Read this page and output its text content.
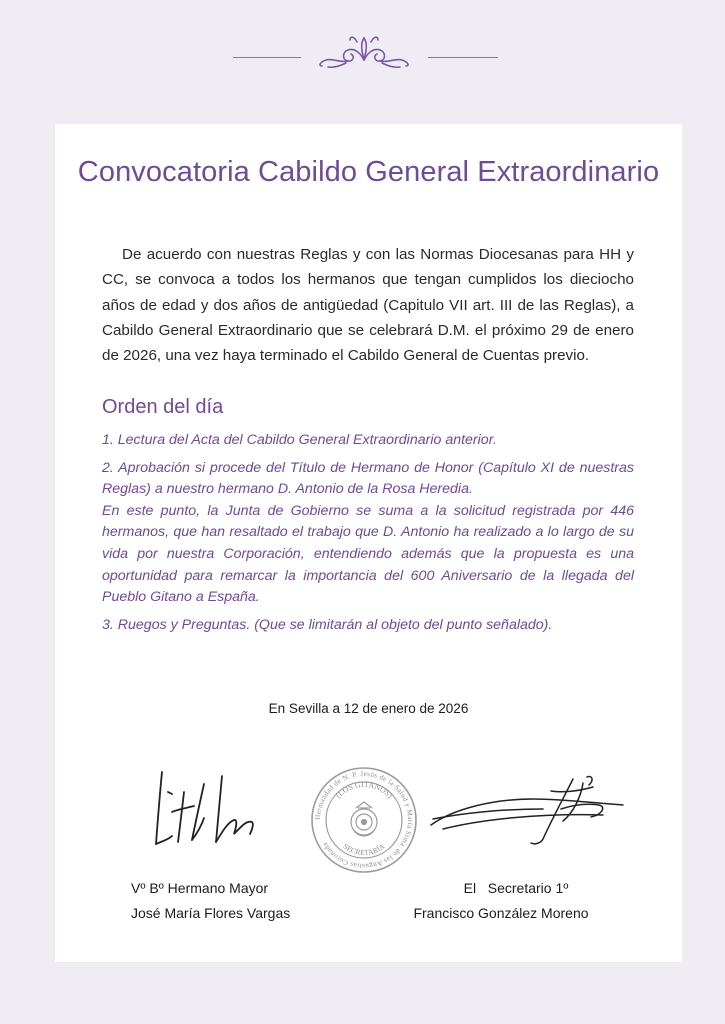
Convocatoria Cabildo General Extraordinario

De acuerdo con nuestras Reglas y con las Normas Diocesanas para HH y CC, se convoca a todos los hermanos que tengan cumplidos los dieciocho años de edad y dos años de antigüedad (Capitulo VII art. III de las Reglas), a Cabildo General Extraordinario que se celebrará D.M. el próximo 29 de enero de 2026, una vez haya terminado el Cabildo General de Cuentas previo.

Orden del día

1. Lectura del Acta del Cabildo General Extraordinario anterior.

2. Aprobación si procede del Título de Hermano de Honor (Capítulo XI de nuestras Reglas) a nuestro hermano D. Antonio de la Rosa Heredia.

En este punto, la Junta de Gobierno se suma a la solicitud registrada por 446 hermanos, que han resaltado el trabajo que D. Antonio ha realizado a lo largo de su vida por nuestra Corporación, entendiendo además que la propuesta es una oportunidad para remarcar la importancia del 600 Aniversario de la llegada del Pueblo Gitano a España.

3. Ruegos y Preguntas. (Que se limitarán al objeto del punto señalado).

En Sevilla a 12 de enero de 2026
Hermandad de N. P. Jesús de la Salud y María Stma. de las Angustias Coronada
(LOS GITANOS)
SECRETARÍA
Vº Bº Hermano Mayor
José María Flores Vargas
El   Secretario 1º
Francisco González Moreno
